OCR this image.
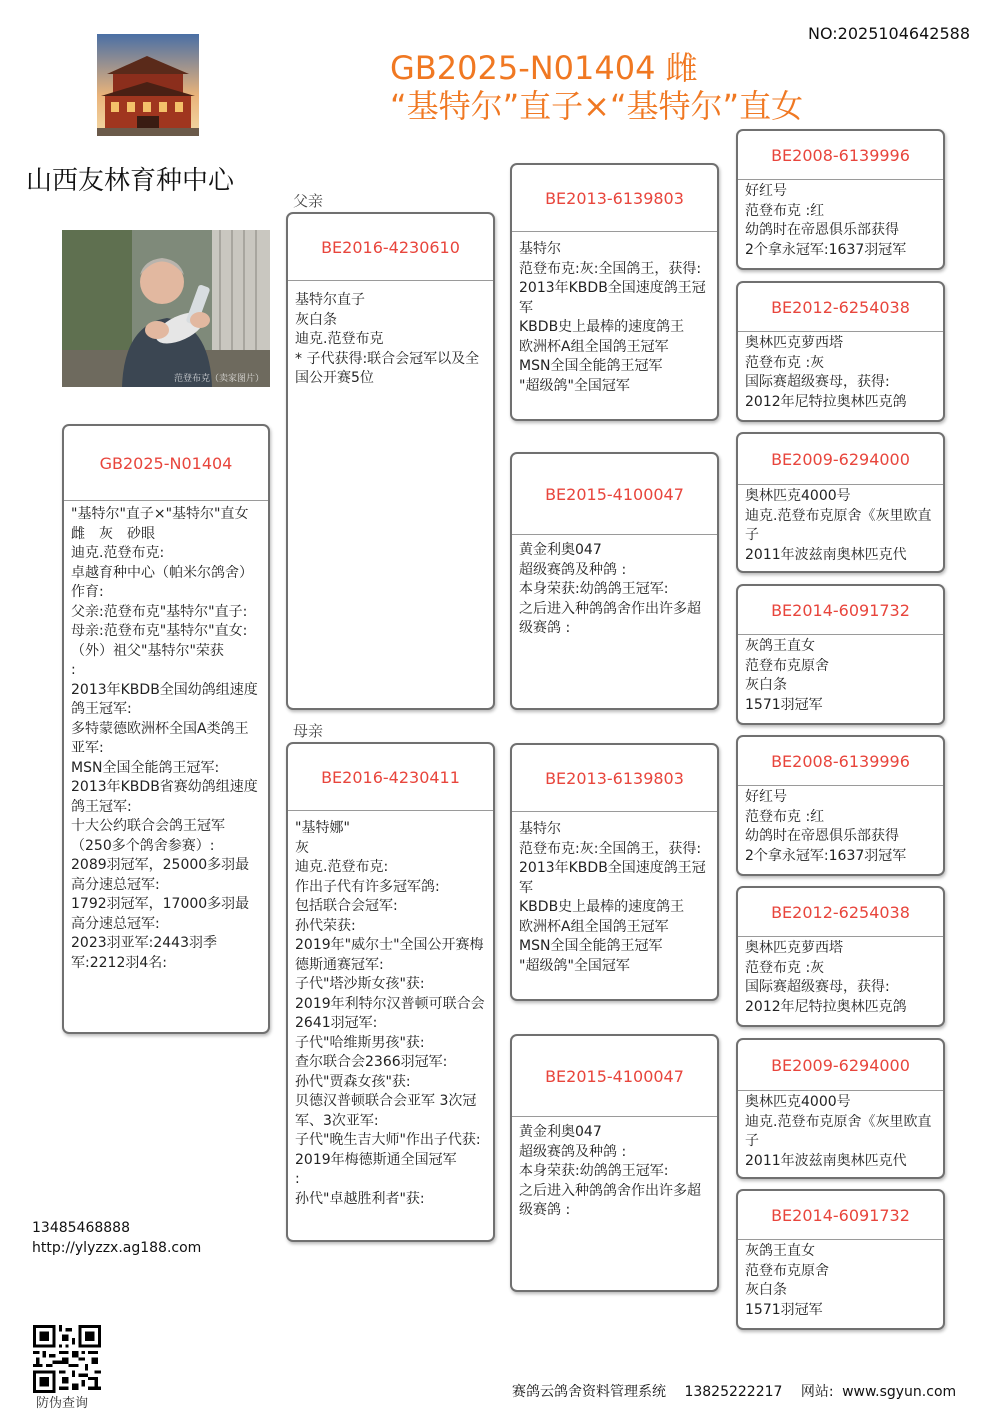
NO:2025104642588
GB2025-N01404 雌
“基特尔”直子×“基特尔”直女
山西友林育种中心
范登布克（卖家图片）
GB2025-N01404
"基特尔"直子×"基特尔"直女
雌　灰　砂眼
迪克.范登布克:
卓越育种中心（帕米尔鸽舍）作育:
父亲:范登布克"基特尔"直子:
母亲:范登布克"基特尔"直女:
（外）祖父"基特尔"荣获
:
2013年KBDB全国幼鸽组速度鸽王冠军:
多特蒙德欧洲杯全国A类鸽王亚军:
MSN全国全能鸽王冠军:
2013年KBDB省赛幼鸽组速度鸽王冠军:
十大公约联合会鸽王冠军（250多个鸽舍参赛）:
2089羽冠军，25000多羽最高分速总冠军:
1792羽冠军，17000多羽最高分速总冠军:
2023羽亚军:2443羽季军:2212羽4名:
父亲
BE2016-4230610
基特尔直子
灰白条
迪克.范登布克
* 子代获得:联合会冠军以及全国公开赛5位
母亲
BE2016-4230411
"基特娜"
灰
迪克.范登布克:
作出子代有许多冠军鸽:
包括联合会冠军:
孙代荣获:
2019年"威尔士"全国公开赛梅德斯通赛冠军:
子代"塔沙斯女孩"获:
2019年利特尔汉普顿可联合会2641羽冠军:
子代"哈维斯男孩"获:
查尔联合会2366羽冠军:
孙代"贾森女孩"获:
贝德汉普顿联合会亚军 3次冠军、3次亚军:
子代"晚生吉大师"作出子代获:
2019年梅德斯通全国冠军
:
孙代"卓越胜利者"获:
BE2013-6139803
基特尔
范登布克:灰:全国鸽王，获得:
2013年KBDB全国速度鸽王冠军
KBDB史上最棒的速度鸽王
欧洲杯A组全国鸽王冠军
MSN全国全能鸽王冠军
"超级鸽"全国冠军
BE2015-4100047
黄金利奥047
超级赛鸽及种鸽 :
本身荣获:幼鸽鸽王冠军:
之后进入种鸽鸽舍作出许多超级赛鸽 :
BE2013-6139803
基特尔
范登布克:灰:全国鸽王，获得:
2013年KBDB全国速度鸽王冠军
KBDB史上最棒的速度鸽王
欧洲杯A组全国鸽王冠军
MSN全国全能鸽王冠军
"超级鸽"全国冠军
BE2015-4100047
黄金利奥047
超级赛鸽及种鸽 :
本身荣获:幼鸽鸽王冠军:
之后进入种鸽鸽舍作出许多超级赛鸽 :
BE2008-6139996
好红号
范登布克 :红
幼鸽时在帝恩俱乐部获得
2个拿永冠军:1637羽冠军
BE2012-6254038
奥林匹克萝西塔
范登布克 :灰
国际赛超级赛母，获得:
2012年尼特拉奥林匹克鸽
BE2009-6294000
奥林匹克4000号
迪克.范登布克原舍《灰里欧直子
2011年波兹南奥林匹克代
BE2014-6091732
灰鸽王直女
范登布克原舍
灰白条
1571羽冠军
BE2008-6139996
好红号
范登布克 :红
幼鸽时在帝恩俱乐部获得
2个拿永冠军:1637羽冠军
BE2012-6254038
奥林匹克萝西塔
范登布克 :灰
国际赛超级赛母，获得:
2012年尼特拉奥林匹克鸽
BE2009-6294000
奥林匹克4000号
迪克.范登布克原舍《灰里欧直子
2011年波兹南奥林匹克代
BE2014-6091732
灰鸽王直女
范登布克原舍
灰白条
1571羽冠军
13485468888
http://ylyzzx.ag188.com
防伪查询
赛鸽云鸽舍资料管理系统 13825222217 网站: www.sgyun.com
